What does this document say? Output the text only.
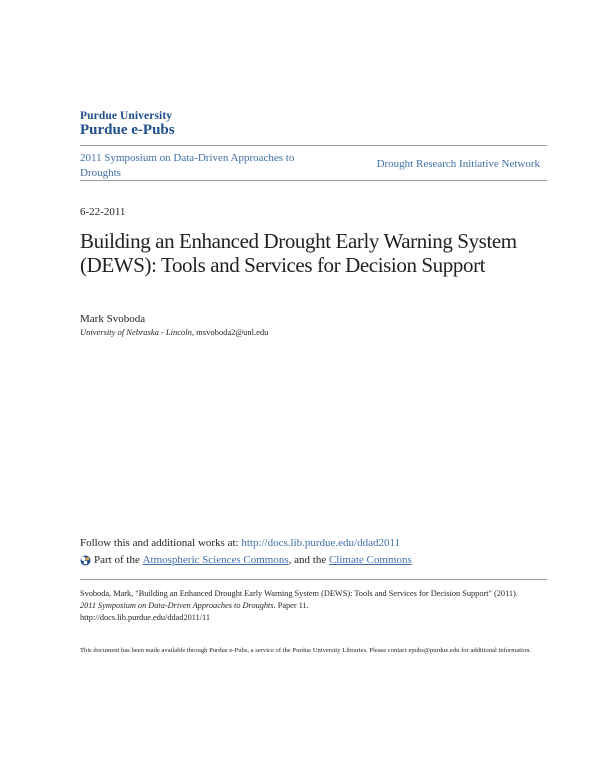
Purdue University
Purdue e-Pubs
2011 Symposium on Data-Driven Approaches to Droughts
Drought Research Initiative Network
6-22-2011
Building an Enhanced Drought Early Warning System (DEWS): Tools and Services for Decision Support
Mark Svoboda
University of Nebraska - Lincoln, msvoboda2@unl.edu
Follow this and additional works at: http://docs.lib.purdue.edu/ddad2011
Part of the
Atmospheric Sciences Commons , and the
Climate Commons
Svoboda, Mark, "Building an Enhanced Drought Early Warning System (DEWS): Tools and Services for Decision Support" (2011).
2011 Symposium on Data-Driven Approaches to Droughts. Paper 11.
http://docs.lib.purdue.edu/ddad2011/11
This document has been made available through Purdue e-Pubs, a service of the Purdue University Libraries. Please contact epubs@purdue.edu for additional information.
